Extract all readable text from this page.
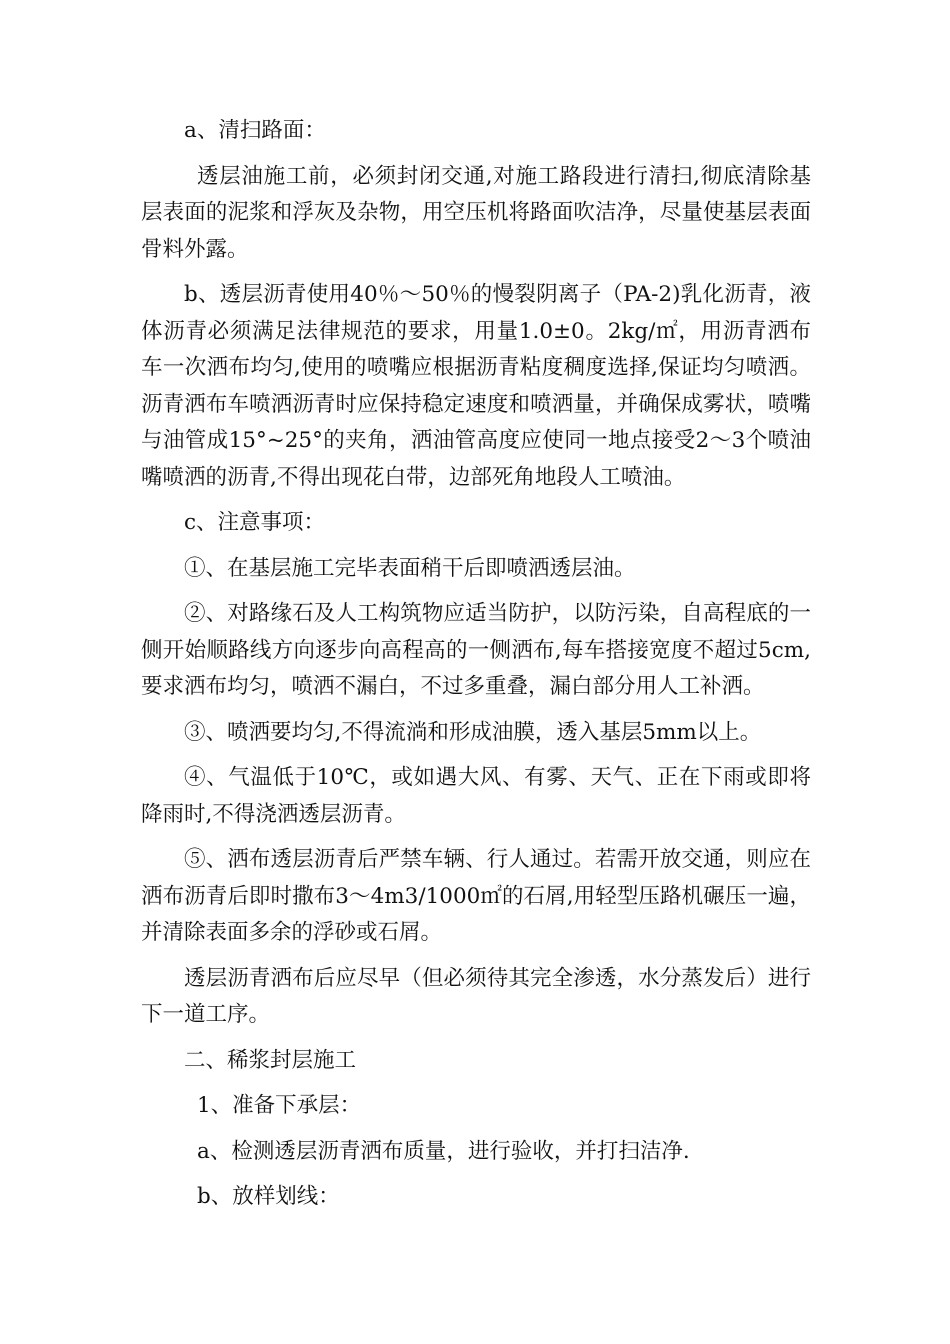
a、清扫路面：

透层油施工前，必须封闭交通,对施工路段进行清扫,彻底清除基层表面的泥浆和浮灰及杂物，用空压机将路面吹洁净，尽量使基层表面骨料外露。

b、透层沥青使用40％～50％的慢裂阴离子（PA-2)乳化沥青，液体沥青必须满足法律规范的要求，用量1.0±0。2kg/㎡，用沥青洒布车一次洒布均匀,使用的喷嘴应根据沥青粘度稠度选择,保证均匀喷洒。沥青洒布车喷洒沥青时应保持稳定速度和喷洒量，并确保成雾状，喷嘴与油管成15°~25°的夹角，洒油管高度应使同一地点接受2～3个喷油嘴喷洒的沥青,不得出现花白带，边部死角地段人工喷油。

c、注意事项：

①、在基层施工完毕表面稍干后即喷洒透层油。

②、对路缘石及人工构筑物应适当防护，以防污染，自高程底的一侧开始顺路线方向逐步向高程高的一侧洒布,每车搭接宽度不超过5cm,要求洒布均匀，喷洒不漏白，不过多重叠，漏白部分用人工补洒。

③、喷洒要均匀,不得流淌和形成油膜，透入基层5mm以上。

④、气温低于10℃，或如遇大风、有雾、天气、正在下雨或即将降雨时,不得浇洒透层沥青。

⑤、洒布透层沥青后严禁车辆、行人通过。若需开放交通，则应在洒布沥青后即时撒布3～4m3/1000㎡的石屑,用轻型压路机碾压一遍，并清除表面多余的浮砂或石屑。

透层沥青洒布后应尽早（但必须待其完全渗透，水分蒸发后）进行下一道工序。

二、稀浆封层施工

1、准备下承层：

a、检测透层沥青洒布质量，进行验收，并打扫洁净.

b、放样划线：
